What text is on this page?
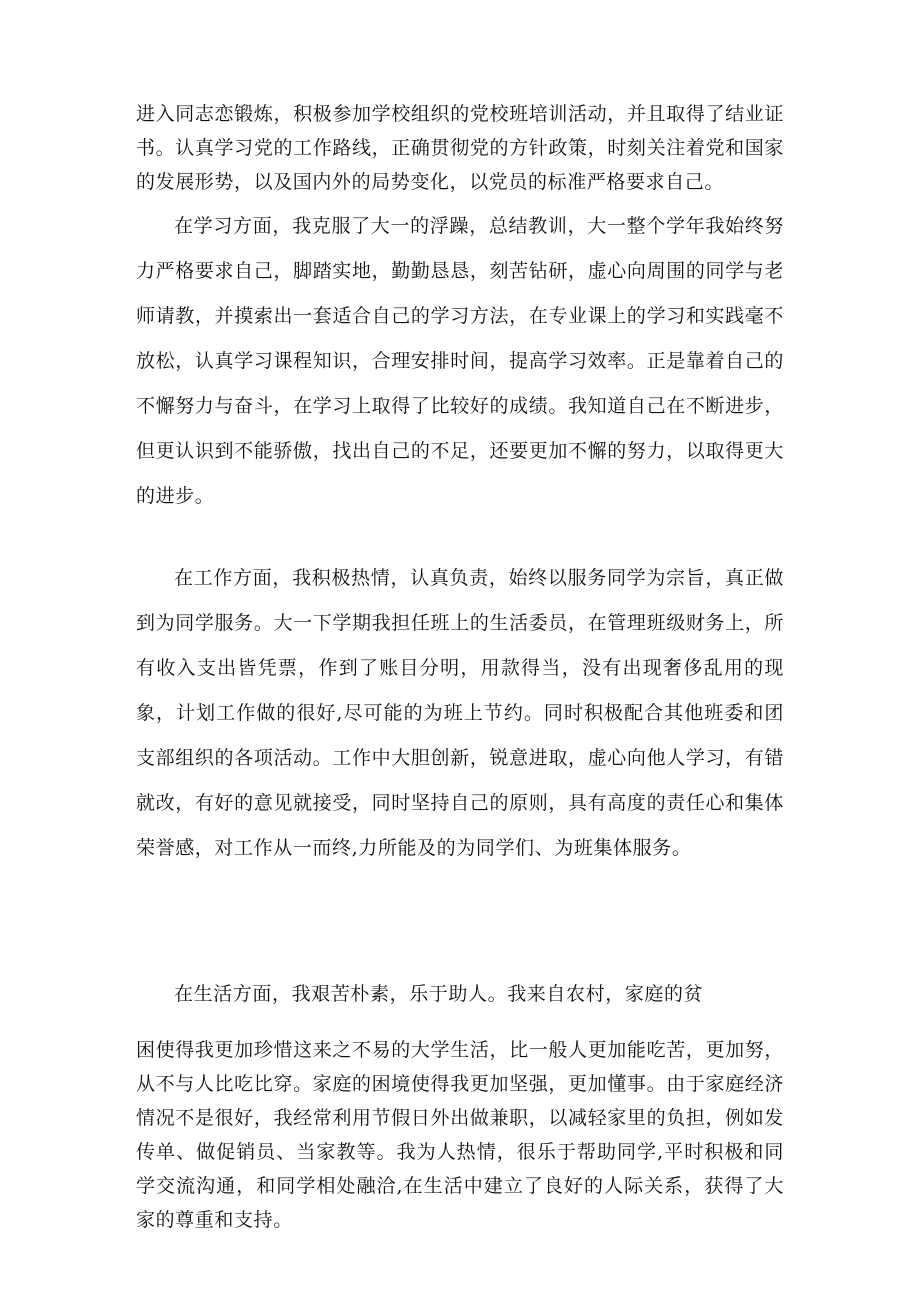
进入同志恋锻炼，积极参加学校组织的党校班培训活动，并且取得了结业证书。认真学习党的工作路线，正确贯彻党的方针政策，时刻关注着党和国家的发展形势，以及国内外的局势变化，以党员的标准严格要求自己。

在学习方面，我克服了大一的浮躁，总结教训，大一整个学年我始终努力严格要求自己，脚踏实地，勤勤恳恳，刻苦钻研，虚心向周围的同学与老师请教，并摸索出一套适合自己的学习方法，在专业课上的学习和实践毫不放松，认真学习课程知识，合理安排时间，提高学习效率。正是靠着自己的不懈努力与奋斗，在学习上取得了比较好的成绩。我知道自己在不断进步，但更认识到不能骄傲，找出自己的不足，还要更加不懈的努力，以取得更大的进步。

在工作方面，我积极热情，认真负责，始终以服务同学为宗旨，真正做到为同学服务。大一下学期我担任班上的生活委员，在管理班级财务上，所有收入支出皆凭票，作到了账目分明，用款得当，没有出现奢侈乱用的现象，计划工作做的很好,尽可能的为班上节约。同时积极配合其他班委和团支部组织的各项活动。工作中大胆创新，锐意进取，虚心向他人学习，有错就改，有好的意见就接受，同时坚持自己的原则，具有高度的责任心和集体荣誉感，对工作从一而终,力所能及的为同学们、为班集体服务。

在生活方面，我艰苦朴素，乐于助人。我来自农村，家庭的贫

困使得我更加珍惜这来之不易的大学生活，比一般人更加能吃苦，更加努，从不与人比吃比穿。家庭的困境使得我更加坚强，更加懂事。由于家庭经济情况不是很好，我经常利用节假日外出做兼职，以减轻家里的负担，例如发传单、做促销员、当家教等。我为人热情，很乐于帮助同学,平时积极和同学交流沟通，和同学相处融洽,在生活中建立了良好的人际关系，获得了大家的尊重和支持。
